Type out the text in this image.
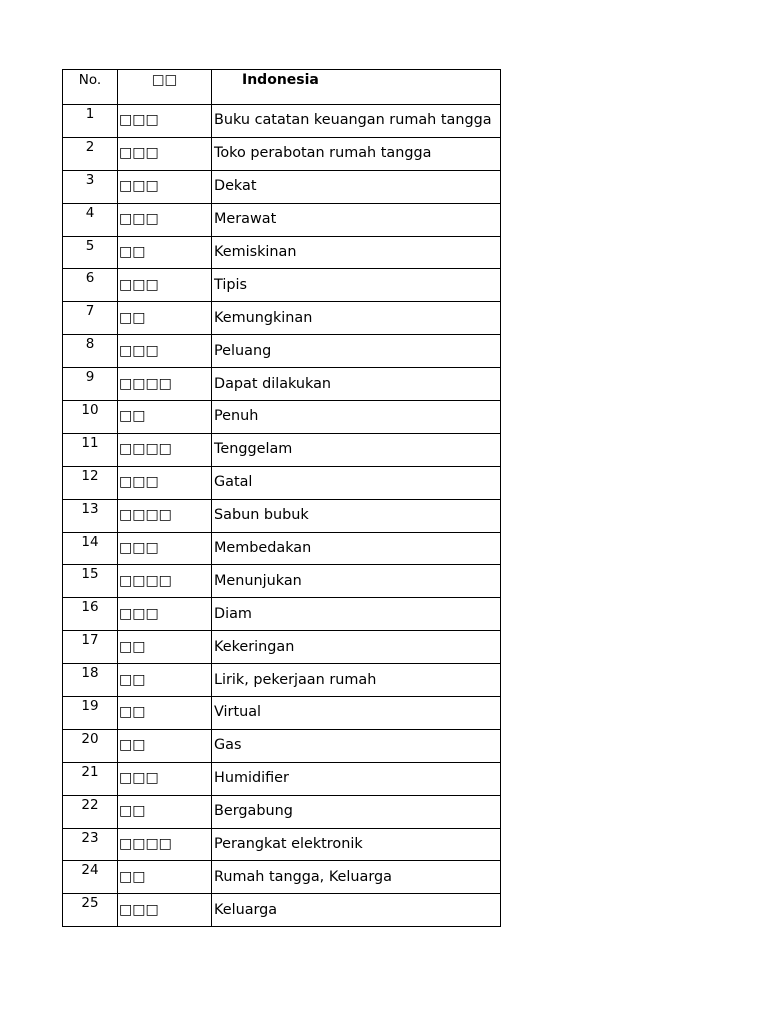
No.	□□	Indonesia
1	□□□	Buku catatan keuangan rumah tangga
2	□□□	Toko perabotan rumah tangga
3	□□□	Dekat
4	□□□	Merawat
5	□□	Kemiskinan
6	□□□	Tipis
7	□□	Kemungkinan
8	□□□	Peluang
9	□□□□	Dapat dilakukan
10	□□	Penuh
11	□□□□	Tenggelam
12	□□□	Gatal
13	□□□□	Sabun bubuk
14	□□□	Membedakan
15	□□□□	Menunjukan
16	□□□	Diam
17	□□	Kekeringan
18	□□	Lirik, pekerjaan rumah
19	□□	Virtual
20	□□	Gas
21	□□□	Humidifier
22	□□	Bergabung
23	□□□□	Perangkat elektronik
24	□□	Rumah tangga, Keluarga
25	□□□	Keluarga
